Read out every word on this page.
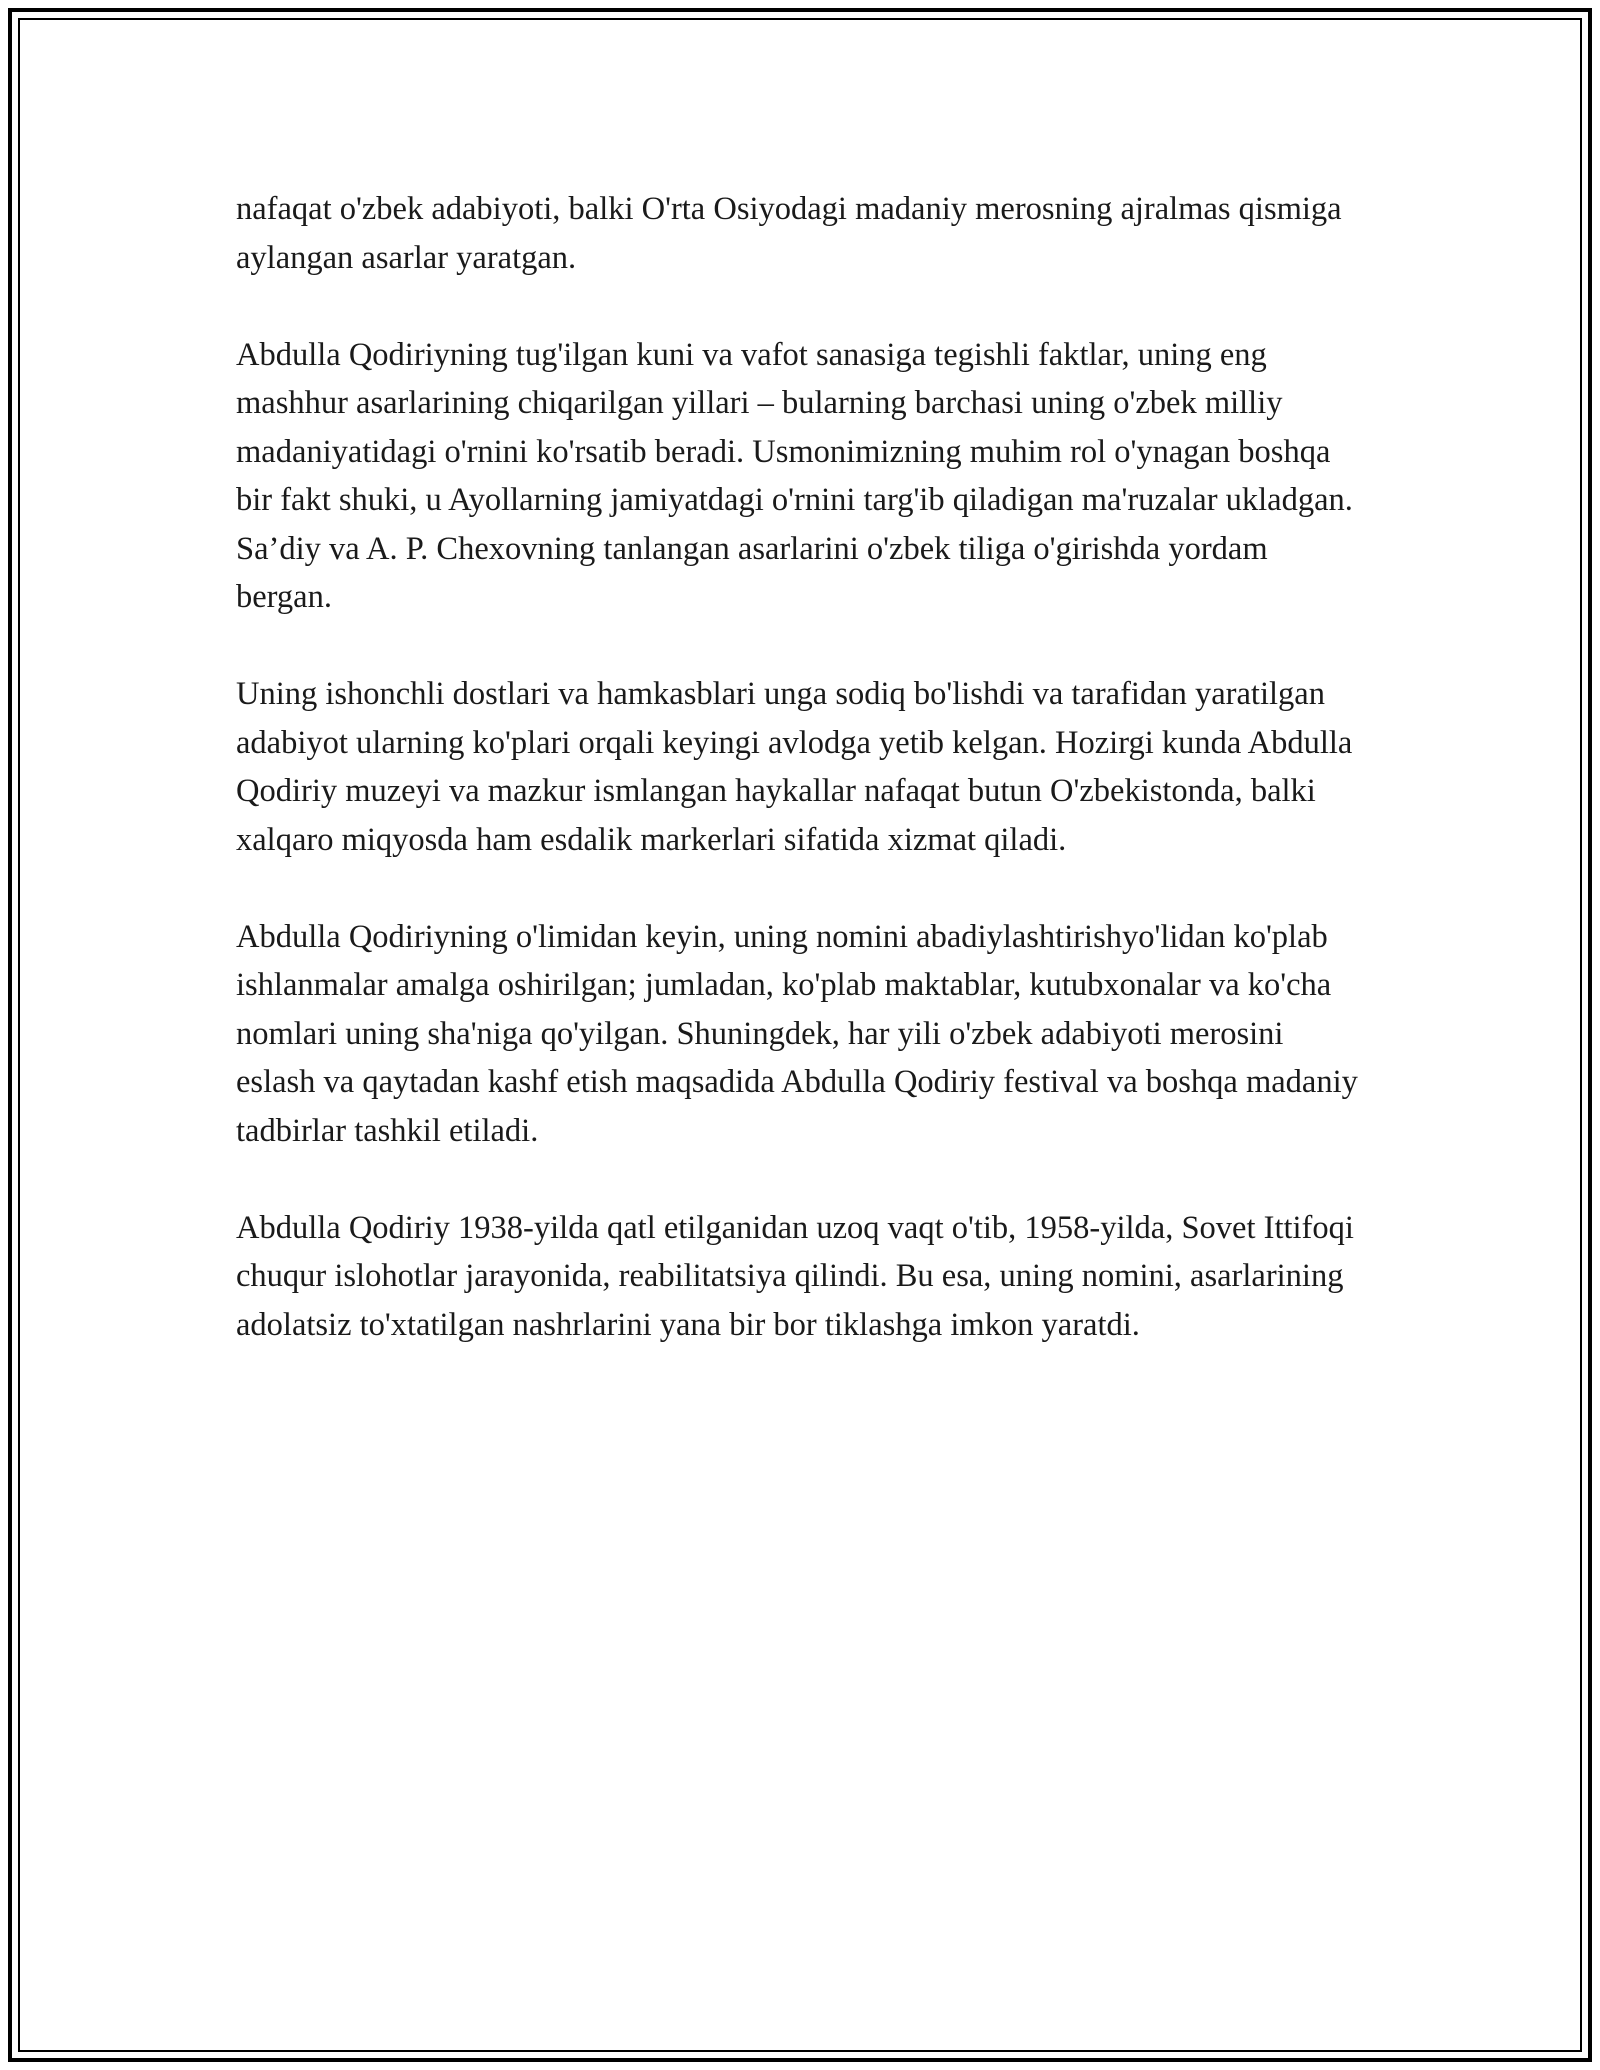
nafaqat o'zbek adabiyoti, balki O'rta Osiyodagi madaniy merosning ajralmas qismiga aylangan asarlar yaratgan.

Abdulla Qodiriyning tug'ilgan kuni va vafot sanasiga tegishli faktlar, uning eng mashhur asarlarining chiqarilgan yillari – bularning barchasi uning o'zbek milliy madaniyatidagi o'rnini ko'rsatib beradi. Usmonimizning muhim rol o'ynagan boshqa bir fakt shuki, u Ayollarning jamiyatdagi o'rnini targ'ib qiladigan ma'ruzalar ukladgan. Sa’diy va A. P. Chexovning tanlangan asarlarini o'zbek tiliga o'girishda yordam bergan.

Uning ishonchli dostlari va hamkasblari unga sodiq bo'lishdi va tarafidan yaratilgan adabiyot ularning ko'plari orqali keyingi avlodga yetib kelgan. Hozirgi kunda Abdulla Qodiriy muzeyi va mazkur ismlangan haykallar nafaqat butun O'zbekistonda, balki xalqaro miqyosda ham esdalik markerlari sifatida xizmat qiladi.

Abdulla Qodiriyning o'limidan keyin, uning nomini abadiylashtirishyo'lidan ko'plab ishlanmalar amalga oshirilgan; jumladan, ko'plab maktablar, kutubxonalar va ko'cha nomlari uning sha'niga qo'yilgan. Shuningdek, har yili o'zbek adabiyoti merosini eslash va qaytadan kashf etish maqsadida Abdulla Qodiriy festival va boshqa madaniy tadbirlar tashkil etiladi.

Abdulla Qodiriy 1938-yilda qatl etilganidan uzoq vaqt o'tib, 1958-yilda, Sovet Ittifoqi chuqur islohotlar jarayonida, reabilitatsiya qilindi. Bu esa, uning nomini, asarlarining adolatsiz to'xtatilgan nashrlarini yana bir bor tiklashga imkon yaratdi.
